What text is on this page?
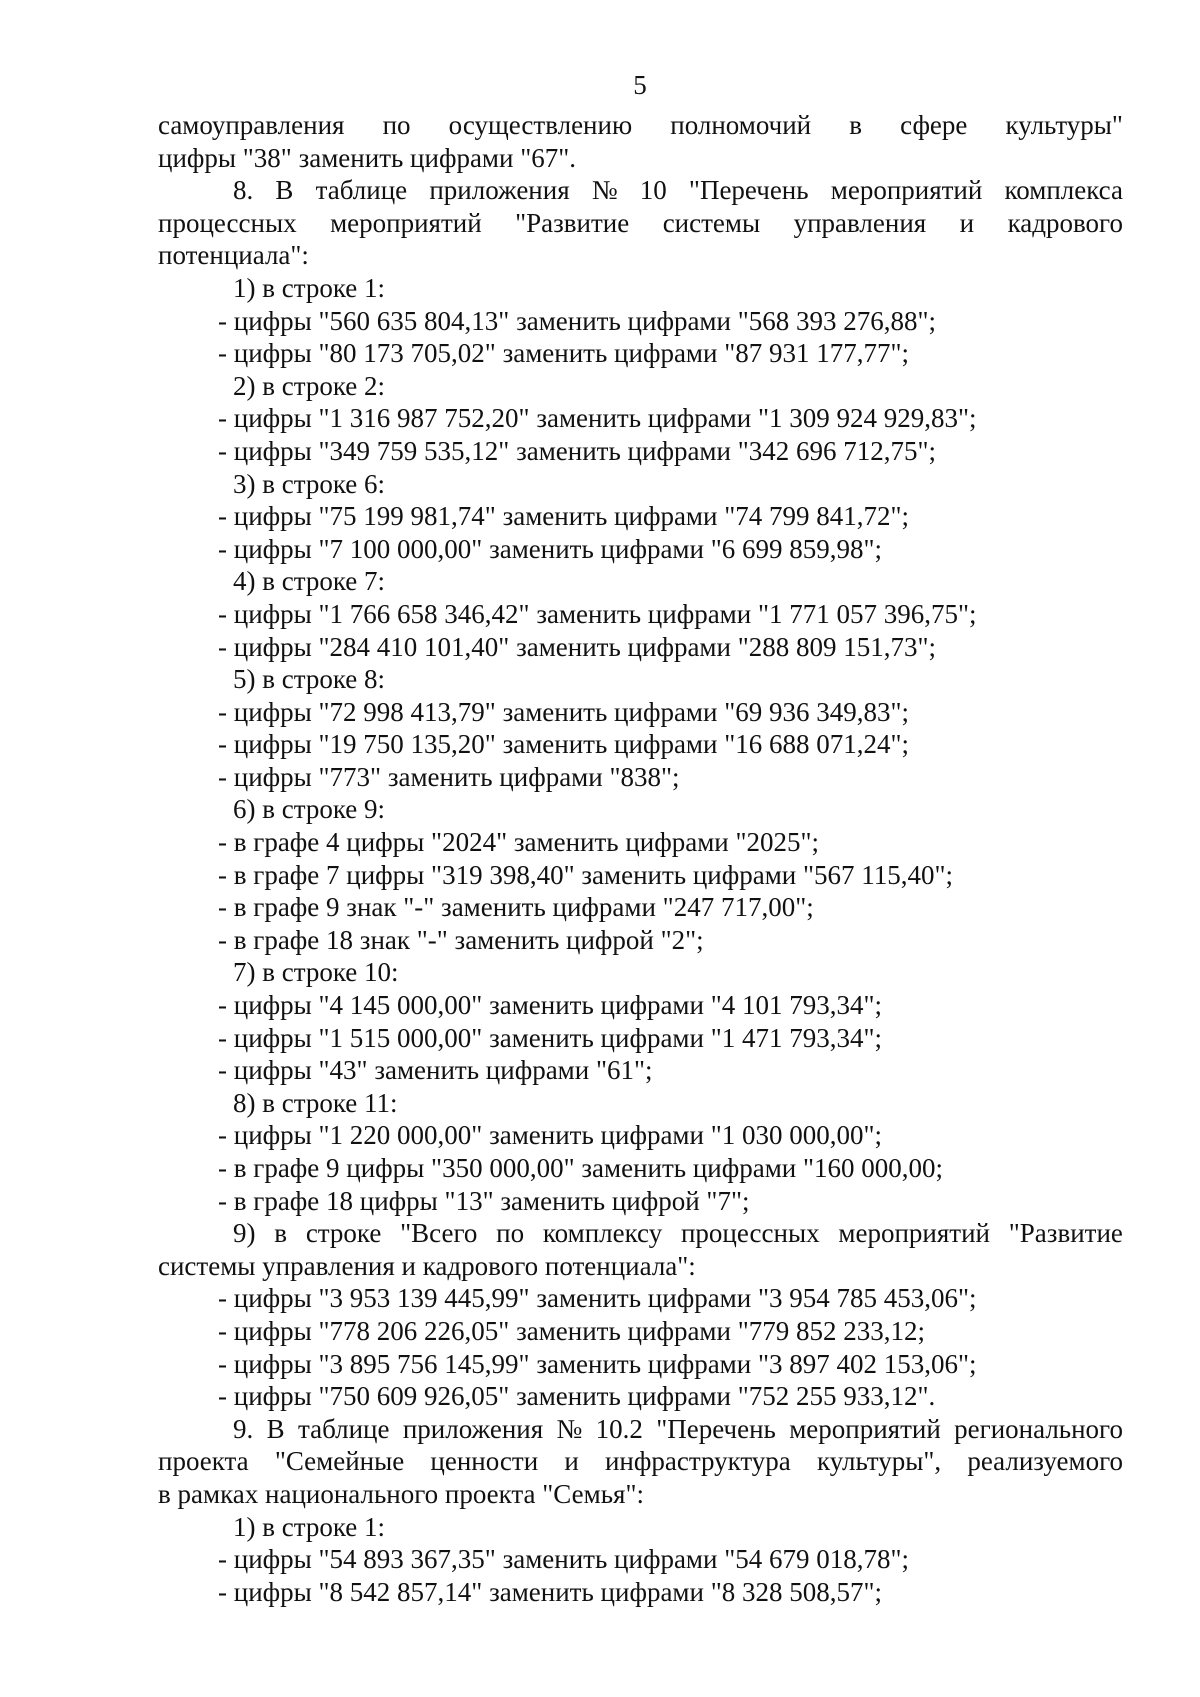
5
самоуправления по осуществлению полномочий в сфере культуры"
цифры "38" заменить цифрами "67".
8. В таблице приложения № 10 "Перечень мероприятий комплекса
процессных мероприятий "Развитие системы управления и кадрового
потенциала":
1) в строке 1:
- цифры "560 635 804,13" заменить цифрами "568 393 276,88";
- цифры "80 173 705,02" заменить цифрами "87 931 177,77";
2) в строке 2:
- цифры "1 316 987 752,20" заменить цифрами "1 309 924 929,83";
- цифры "349 759 535,12" заменить цифрами "342 696 712,75";
3) в строке 6:
- цифры "75 199 981,74" заменить цифрами "74 799 841,72";
- цифры "7 100 000,00" заменить цифрами "6 699 859,98";
4) в строке 7:
- цифры "1 766 658 346,42" заменить цифрами "1 771 057 396,75";
- цифры "284 410 101,40" заменить цифрами "288 809 151,73";
5) в строке 8:
- цифры "72 998 413,79" заменить цифрами "69 936 349,83";
- цифры "19 750 135,20" заменить цифрами "16 688 071,24";
- цифры "773" заменить цифрами "838";
6) в строке 9:
- в графе 4 цифры "2024" заменить цифрами "2025";
- в графе 7 цифры "319 398,40" заменить цифрами "567 115,40";
- в графе 9 знак "-" заменить цифрами "247 717,00";
- в графе 18 знак "-" заменить цифрой "2";
7) в строке 10:
- цифры "4 145 000,00" заменить цифрами "4 101 793,34";
- цифры "1 515 000,00" заменить цифрами "1 471 793,34";
- цифры "43" заменить цифрами "61";
8) в строке 11:
- цифры "1 220 000,00" заменить цифрами "1 030 000,00";
- в графе 9 цифры "350 000,00" заменить цифрами "160 000,00;
- в графе 18 цифры "13" заменить цифрой "7";
9) в строке "Всего по комплексу процессных мероприятий "Развитие
системы управления и кадрового потенциала":
- цифры "3 953 139 445,99" заменить цифрами "3 954 785 453,06";
- цифры "778 206 226,05" заменить цифрами "779 852 233,12;
- цифры "3 895 756 145,99" заменить цифрами "3 897 402 153,06";
- цифры "750 609 926,05" заменить цифрами "752 255 933,12".
9. В таблице приложения № 10.2 "Перечень мероприятий регионального
проекта "Семейные ценности и инфраструктура культуры", реализуемого
в рамках национального проекта "Семья":
1) в строке 1:
- цифры "54 893 367,35" заменить цифрами "54 679 018,78";
- цифры "8 542 857,14" заменить цифрами "8 328 508,57";
